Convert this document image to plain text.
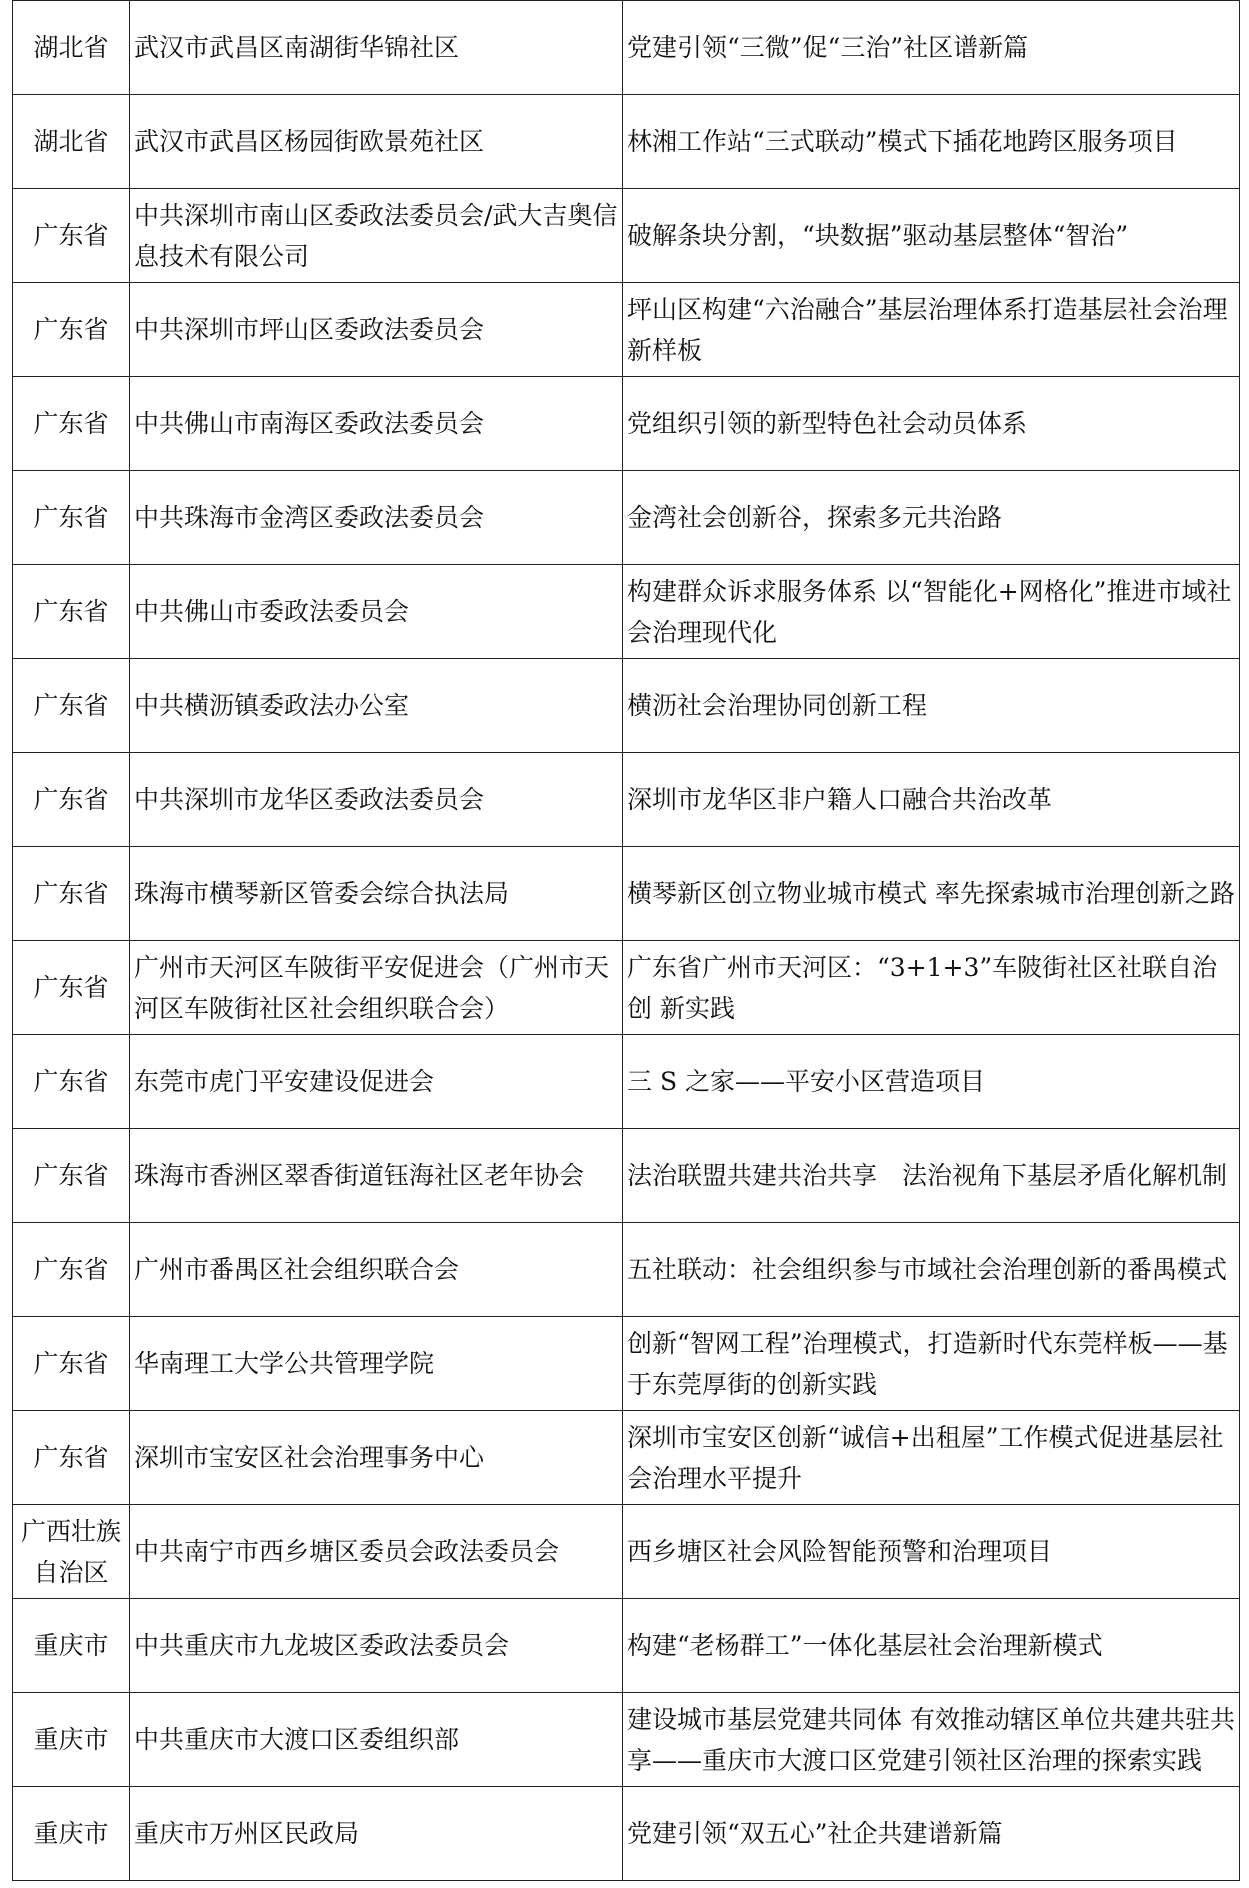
湖北省	武汉市武昌区南湖街华锦社区	党建引领“三微”促“三治”社区谱新篇
湖北省	武汉市武昌区杨园街欧景苑社区	林湘工作站“三式联动”模式下插花地跨区服务项目
广东省	中共深圳市南山区委政法委员会/武大吉奥信息技术有限公司	破解条块分割，“块数据”驱动基层整体“智治”
广东省	中共深圳市坪山区委政法委员会	坪山区构建“六治融合”基层治理体系打造基层社会治理新样板
广东省	中共佛山市南海区委政法委员会	党组织引领的新型特色社会动员体系
广东省	中共珠海市金湾区委政法委员会	金湾社会创新谷，探索多元共治路
广东省	中共佛山市委政法委员会	构建群众诉求服务体系 以“智能化+网格化”推进市域社会治理现代化
广东省	中共横沥镇委政法办公室	横沥社会治理协同创新工程
广东省	中共深圳市龙华区委政法委员会	深圳市龙华区非户籍人口融合共治改革
广东省	珠海市横琴新区管委会综合执法局	横琴新区创立物业城市模式 率先探索城市治理创新之路
广东省	广州市天河区车陂街平安促进会（广州市天河区车陂街社区社会组织联合会）	广东省广州市天河区：“3+1+3”车陂街社区社联自治创 新实践
广东省	东莞市虎门平安建设促进会	三 S 之家——平安小区营造项目
广东省	珠海市香洲区翠香街道钰海社区老年协会	法治联盟共建共治共享　法治视角下基层矛盾化解机制
广东省	广州市番禺区社会组织联合会	五社联动：社会组织参与市域社会治理创新的番禺模式
广东省	华南理工大学公共管理学院	创新“智网工程”治理模式，打造新时代东莞样板——基于东莞厚街的创新实践
广东省	深圳市宝安区社会治理事务中心	深圳市宝安区创新“诚信+出租屋”工作模式促进基层社会治理水平提升
广西壮族自治区	中共南宁市西乡塘区委员会政法委员会	西乡塘区社会风险智能预警和治理项目
重庆市	中共重庆市九龙坡区委政法委员会	构建“老杨群工”一体化基层社会治理新模式
重庆市	中共重庆市大渡口区委组织部	建设城市基层党建共同体 有效推动辖区单位共建共驻共享——重庆市大渡口区党建引领社区治理的探索实践
重庆市	重庆市万州区民政局	党建引领“双五心”社企共建谱新篇
